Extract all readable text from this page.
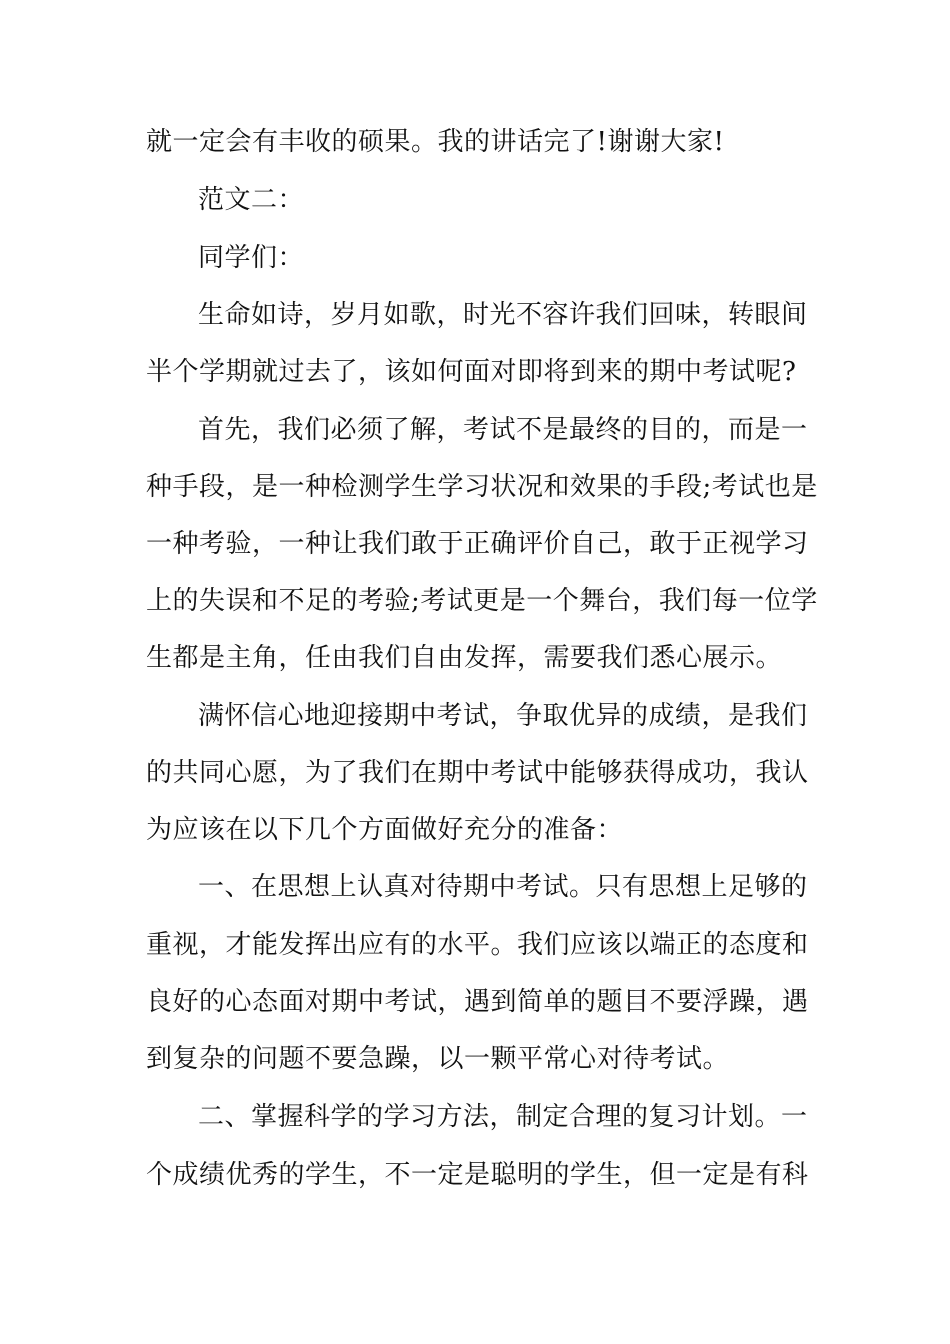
就一定会有丰收的硕果。我的讲话完了!谢谢大家!
范文二：
同学们：
生命如诗，岁月如歌，时光不容许我们回味，转眼间
半个学期就过去了，该如何面对即将到来的期中考试呢?
首先，我们必须了解，考试不是最终的目的，而是一
种手段，是一种检测学生学习状况和效果的手段;考试也是
一种考验，一种让我们敢于正确评价自己，敢于正视学习
上的失误和不足的考验;考试更是一个舞台，我们每一位学
生都是主角，任由我们自由发挥，需要我们悉心展示。
满怀信心地迎接期中考试，争取优异的成绩，是我们
的共同心愿，为了我们在期中考试中能够获得成功，我认
为应该在以下几个方面做好充分的准备：
一、在思想上认真对待期中考试。只有思想上足够的
重视，才能发挥出应有的水平。我们应该以端正的态度和
良好的心态面对期中考试，遇到简单的题目不要浮躁，遇
到复杂的问题不要急躁，以一颗平常心对待考试。
二、掌握科学的学习方法，制定合理的复习计划。一
个成绩优秀的学生，不一定是聪明的学生，但一定是有科
